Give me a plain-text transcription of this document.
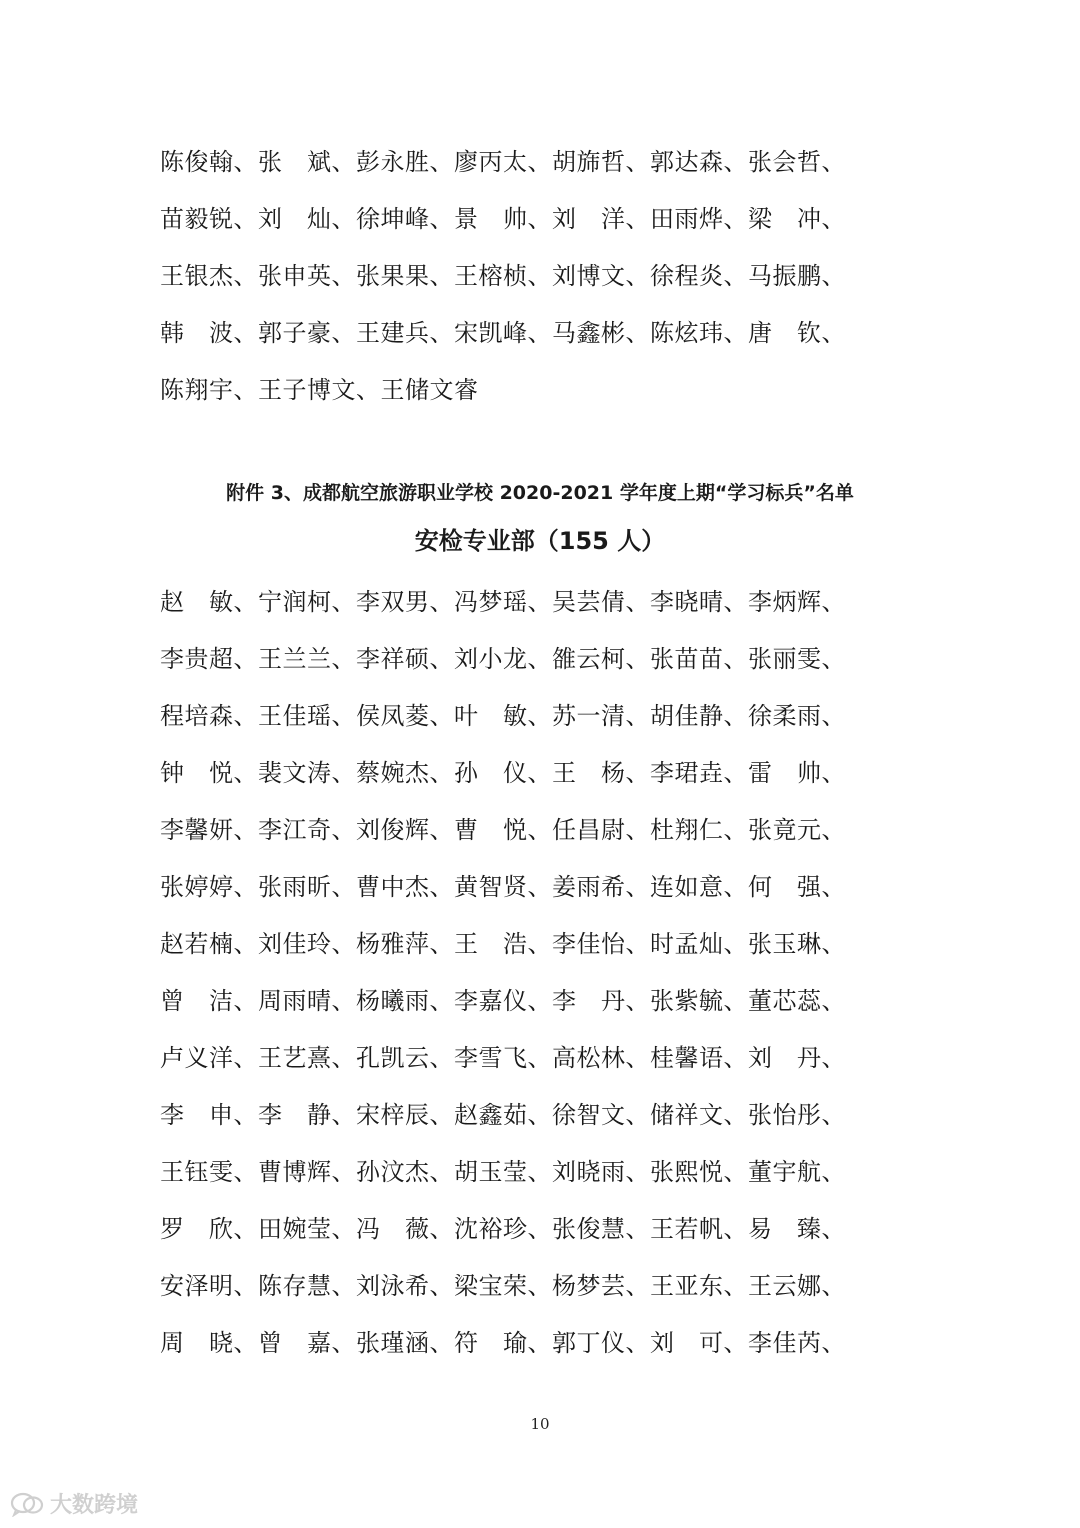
陈俊翰、张　斌、彭永胜、廖丙太、胡旆哲、郭达森、张会哲、
苗毅锐、刘　灿、徐坤峰、景　帅、刘　洋、田雨烨、梁　冲、
王银杰、张申英、张果果、王榕桢、刘博文、徐程炎、马振鹏、
韩　波、郭子豪、王建兵、宋凯峰、马鑫彬、陈炫玮、唐　钦、
陈翔宇、王子博文、王储文睿
附件 3、成都航空旅游职业学校 2020-2021 学年度上期“学习标兵”名单
安检专业部（155 人）
赵　敏、宁润柯、李双男、冯梦瑶、吴芸倩、李晓晴、李炳辉、
李贵超、王兰兰、李祥硕、刘小龙、雒云柯、张苗苗、张丽雯、
程培森、王佳瑶、侯凤菱、叶　敏、苏一清、胡佳静、徐柔雨、
钟　悦、裴文涛、蔡婉杰、孙　仪、王　杨、李珺垚、雷　帅、
李馨妍、李江奇、刘俊辉、曹　悦、任昌尉、杜翔仁、张竟元、
张婷婷、张雨昕、曹中杰、黄智贤、姜雨希、连如意、何　强、
赵若楠、刘佳玲、杨雅萍、王　浩、李佳怡、时孟灿、张玉琳、
曾　洁、周雨晴、杨曦雨、李嘉仪、李　丹、张紫毓、董芯蕊、
卢义洋、王艺熹、孔凯云、李雪飞、高松林、桂馨语、刘　丹、
李　申、李　静、宋梓辰、赵鑫茹、徐智文、储祥文、张怡彤、
王钰雯、曹博辉、孙汶杰、胡玉莹、刘晓雨、张熙悦、董宇航、
罗　欣、田婉莹、冯　薇、沈裕珍、张俊慧、王若帆、易　臻、
安泽明、陈存慧、刘泳希、梁宝荣、杨梦芸、王亚东、王云娜、
周　晓、曾　嘉、张瑾涵、符　瑜、郭丁仪、刘　可、李佳芮、
10
大数跨境
